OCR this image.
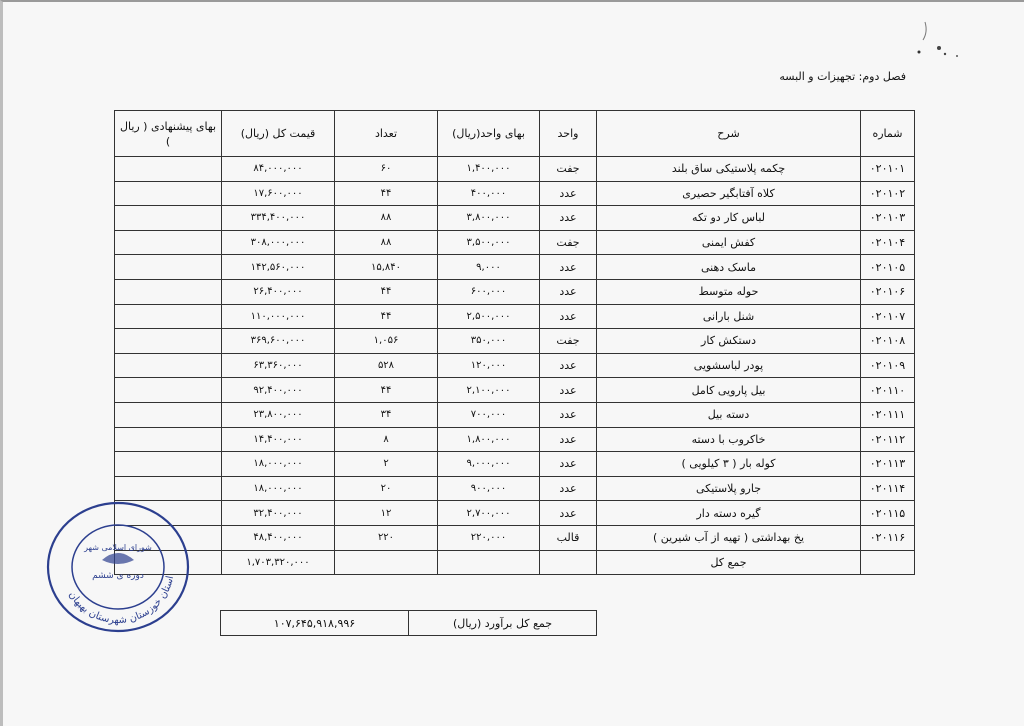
فصل دوم: تجهیزات و البسه
شماره	شرح	واحد	بهای واحد(ریال)	تعداد	قیمت کل (ریال)	بهای پیشنهادی ( ریال )
۰۲۰۱۰۱	چکمه پلاستیکی ساق بلند	جفت	۱,۴۰۰,۰۰۰	۶۰	۸۴,۰۰۰,۰۰۰	
۰۲۰۱۰۲	کلاه آفتابگیر حصیری	عدد	۴۰۰,۰۰۰	۴۴	۱۷,۶۰۰,۰۰۰	
۰۲۰۱۰۳	لباس کار دو تکه	عدد	۳,۸۰۰,۰۰۰	۸۸	۳۳۴,۴۰۰,۰۰۰	
۰۲۰۱۰۴	کفش ایمنی	جفت	۳,۵۰۰,۰۰۰	۸۸	۳۰۸,۰۰۰,۰۰۰	
۰۲۰۱۰۵	ماسک دهنی	عدد	۹,۰۰۰	۱۵,۸۴۰	۱۴۲,۵۶۰,۰۰۰	
۰۲۰۱۰۶	حوله متوسط	عدد	۶۰۰,۰۰۰	۴۴	۲۶,۴۰۰,۰۰۰	
۰۲۰۱۰۷	شنل بارانی	عدد	۲,۵۰۰,۰۰۰	۴۴	۱۱۰,۰۰۰,۰۰۰	
۰۲۰۱۰۸	دستکش کار	جفت	۳۵۰,۰۰۰	۱,۰۵۶	۳۶۹,۶۰۰,۰۰۰	
۰۲۰۱۰۹	پودر لباسشویی	عدد	۱۲۰,۰۰۰	۵۲۸	۶۳,۳۶۰,۰۰۰	
۰۲۰۱۱۰	بیل پارویی کامل	عدد	۲,۱۰۰,۰۰۰	۴۴	۹۲,۴۰۰,۰۰۰	
۰۲۰۱۱۱	دسته بیل	عدد	۷۰۰,۰۰۰	۳۴	۲۳,۸۰۰,۰۰۰	
۰۲۰۱۱۲	خاکروب با دسته	عدد	۱,۸۰۰,۰۰۰	۸	۱۴,۴۰۰,۰۰۰	
۰۲۰۱۱۳	کوله بار ( ۳ کیلویی )	عدد	۹,۰۰۰,۰۰۰	۲	۱۸,۰۰۰,۰۰۰	
۰۲۰۱۱۴	جارو پلاستیکی	عدد	۹۰۰,۰۰۰	۲۰	۱۸,۰۰۰,۰۰۰	
۰۲۰۱۱۵	گیره دسته دار	عدد	۲,۷۰۰,۰۰۰	۱۲	۳۲,۴۰۰,۰۰۰	
۰۲۰۱۱۶	یخ بهداشتی ( تهیه از آب شیرین )	قالب	۲۲۰,۰۰۰	۲۲۰	۴۸,۴۰۰,۰۰۰	
	جمع کل				۱,۷۰۳,۳۲۰,۰۰۰	
جمع کل برآورد (ریال)	۱۰۷,۶۴۵,۹۱۸,۹۹۶
استان خوزستان شهرستان بهبهان
شورای اسلامی شهر
دوره ی ششم
